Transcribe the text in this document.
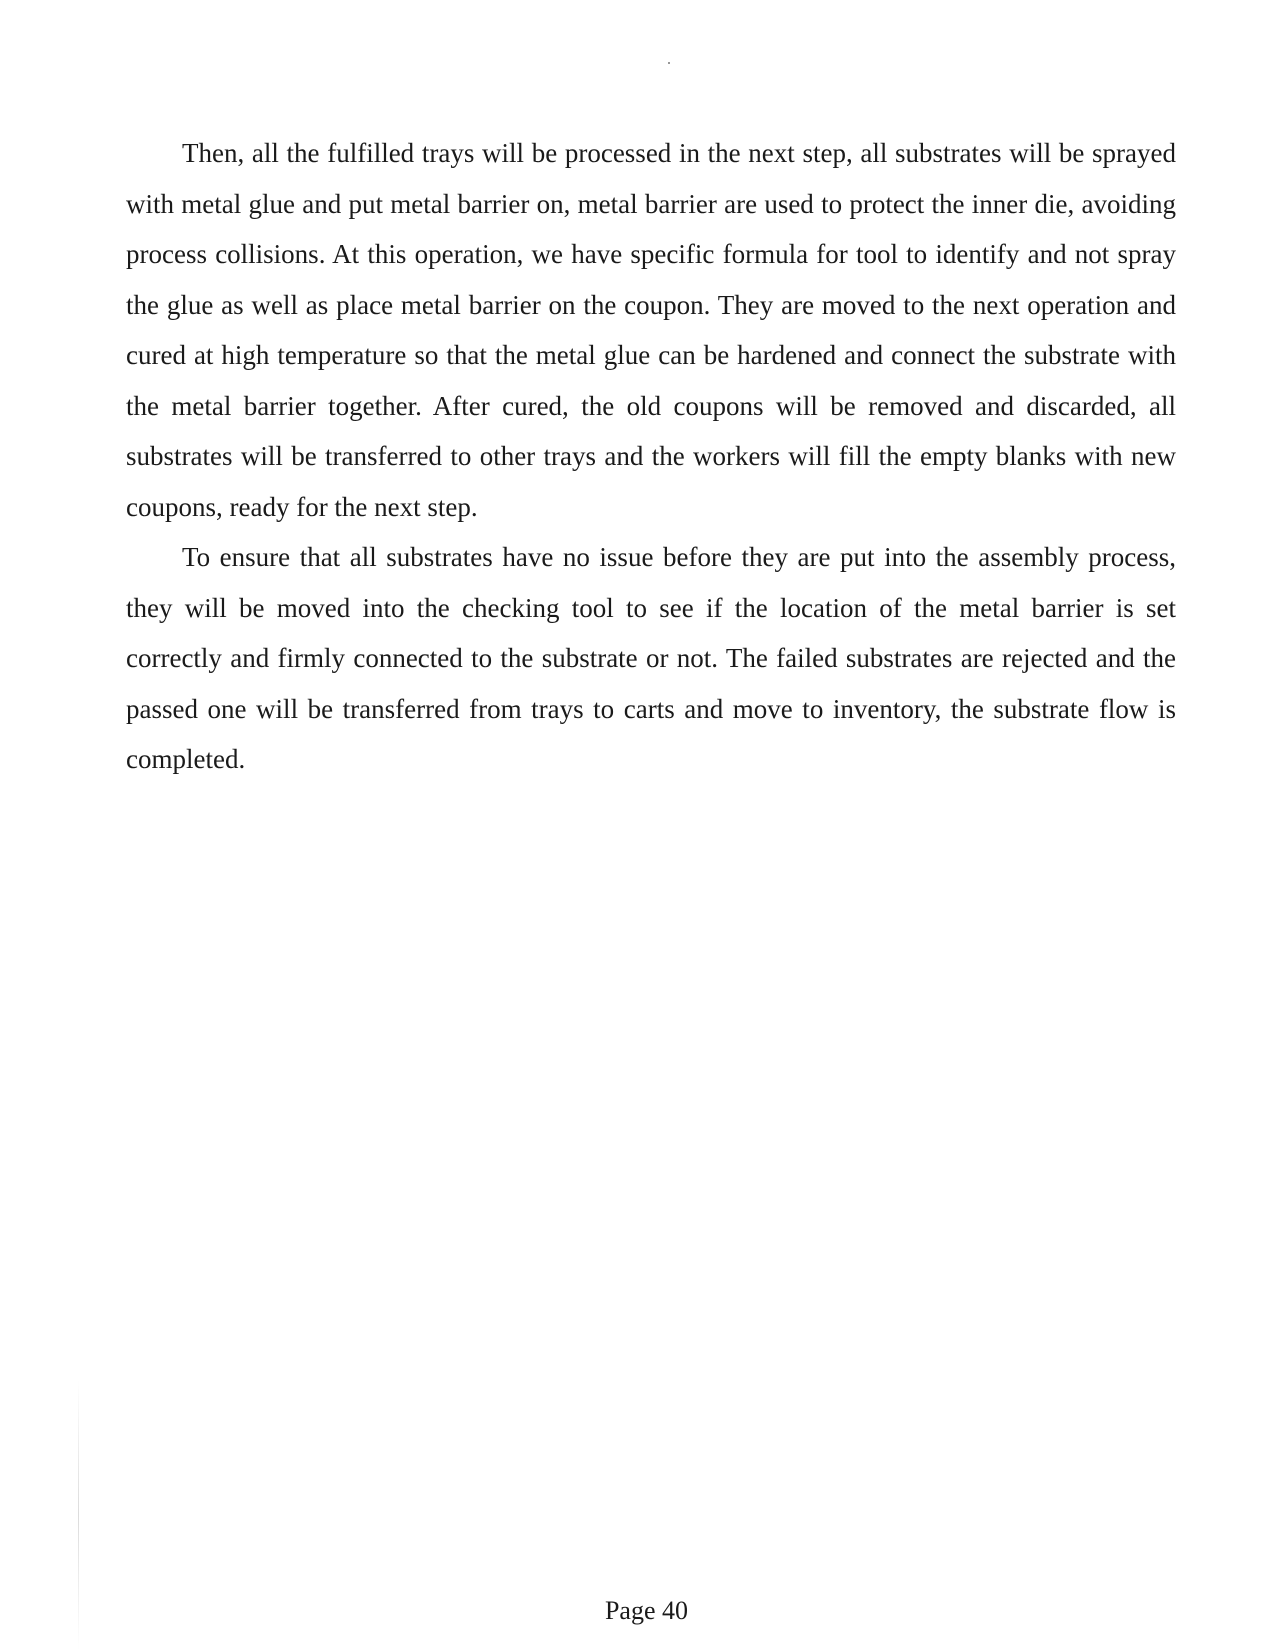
Then, all the fulfilled trays will be processed in the next step, all substrates will be sprayed with metal glue and put metal barrier on, metal barrier are used to protect the inner die, avoiding process collisions. At this operation, we have specific formula for tool to identify and not spray the glue as well as place metal barrier on the coupon. They are moved to the next operation and cured at high temperature so that the metal glue can be hardened and connect the substrate with the metal barrier together. After cured, the old coupons will be removed and discarded, all substrates will be transferred to other trays and the workers will fill the empty blanks with new coupons, ready for the next step.

To ensure that all substrates have no issue before they are put into the assembly process, they will be moved into the checking tool to see if the location of the metal barrier is set correctly and firmly connected to the substrate or not. The failed substrates are rejected and the passed one will be transferred from trays to carts and move to inventory, the substrate flow is completed.

Page 40
